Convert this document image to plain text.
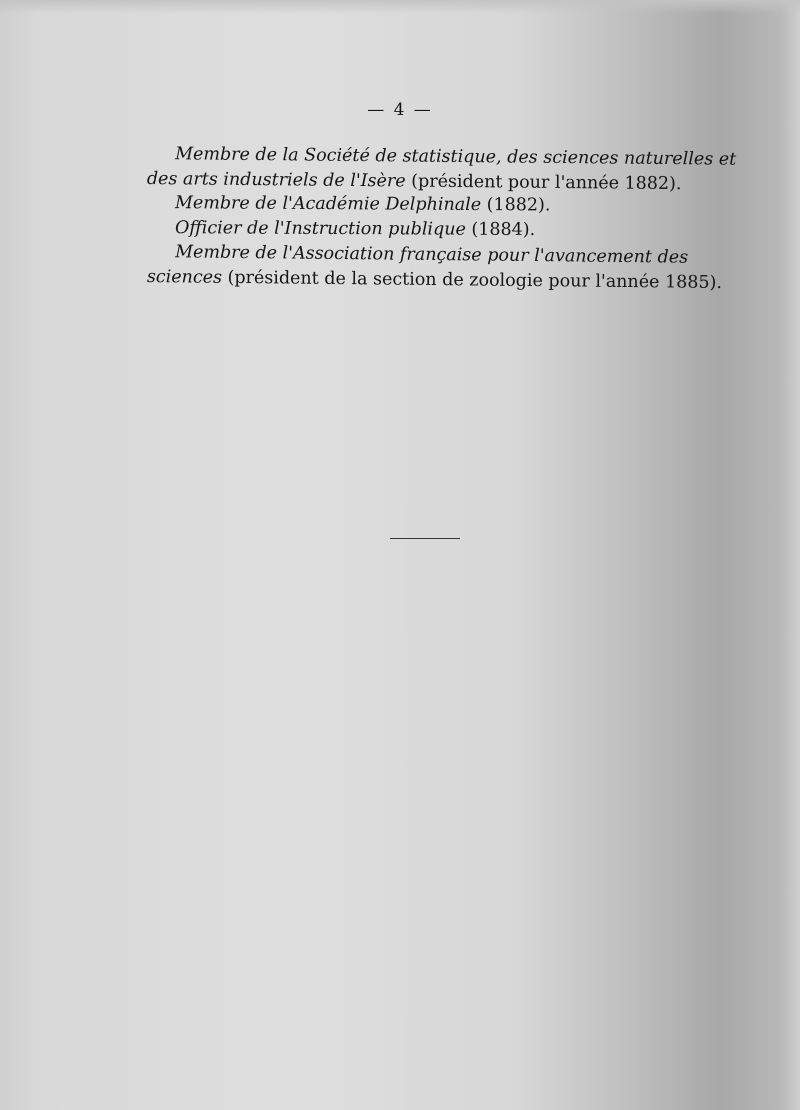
— 4 —

Membre de la Société de statistique, des sciences naturelles et des arts industriels de l'Isère (président pour l'année 1882).

Membre de l'Académie Delphinale (1882).

Officier de l'Instruction publique (1884).

Membre de l'Association française pour l'avancement des sciences (président de la section de zoologie pour l'année 1885).
